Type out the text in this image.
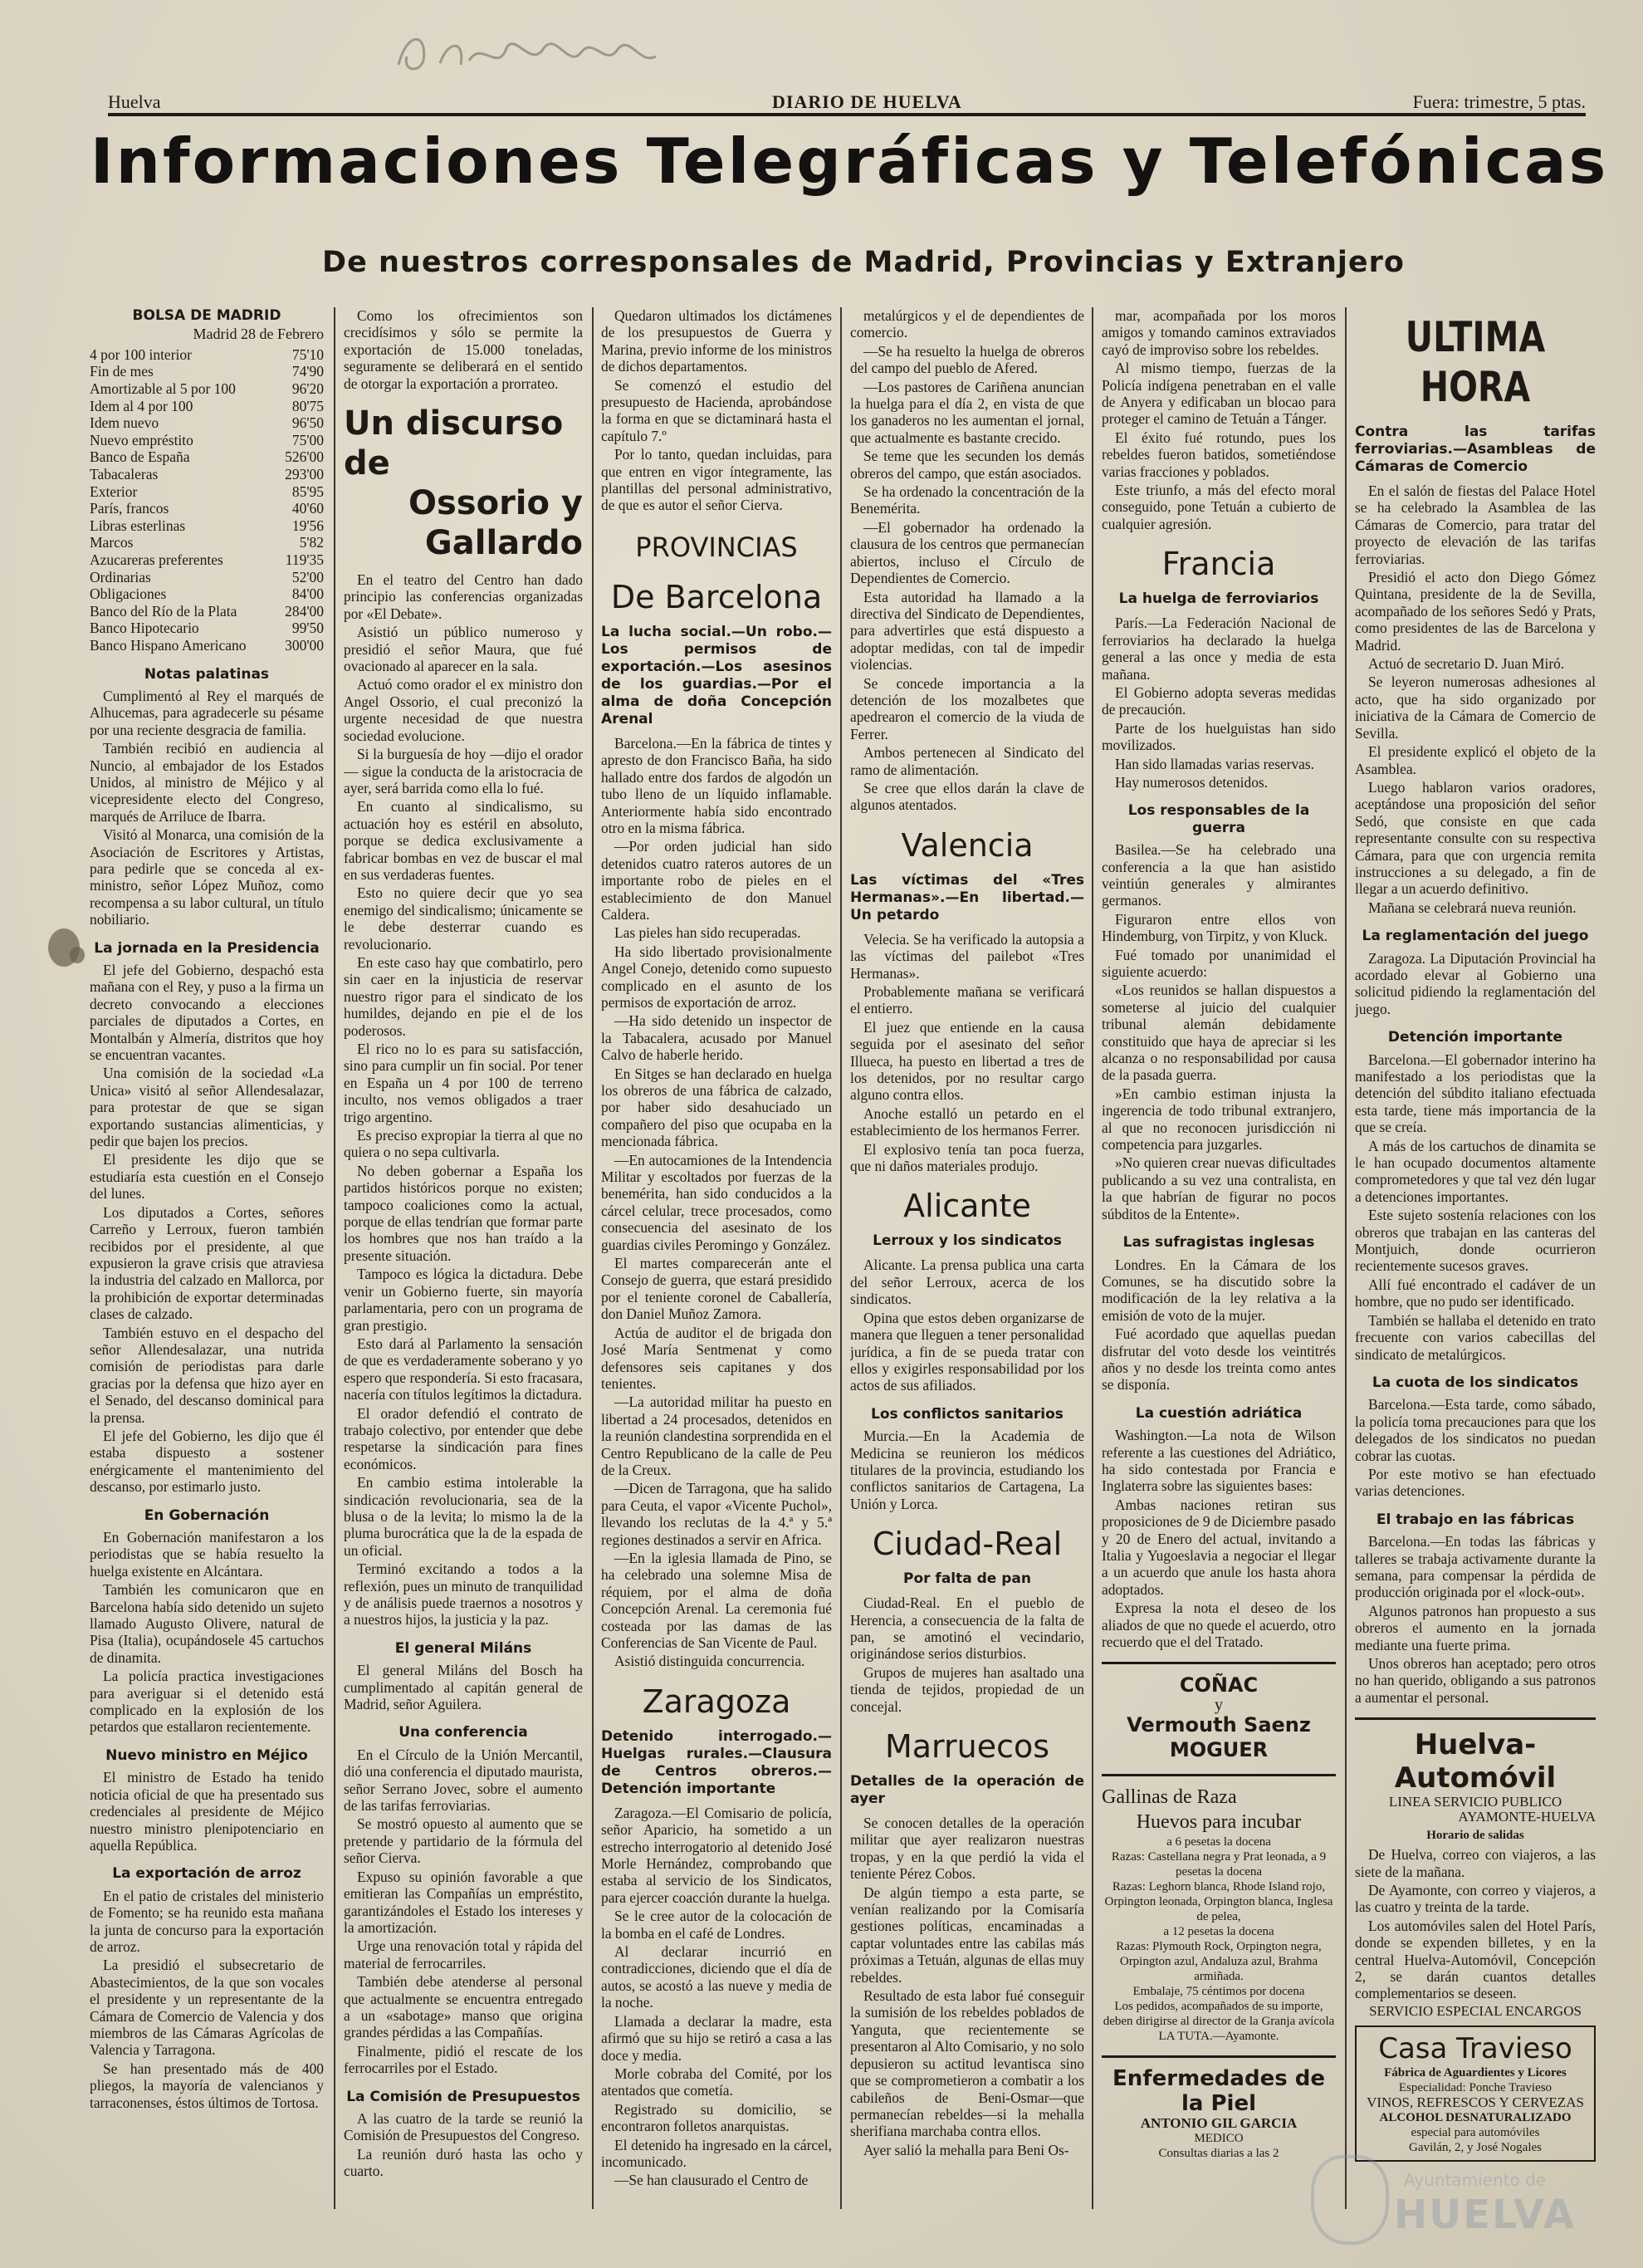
Huelva	DIARIO DE HUELVA	Fuera: trimestre, 5 ptas.
Informaciones Telegráficas y Telefónicas
De nuestros corresponsales de Madrid, Provincias y Extranjero
BOLSA DE MADRID
Madrid 28 de Febrero
4 por 100 interior	75'10
Fin de mes	74'90
Amortizable al 5 por 100	96'20
Idem al 4 por 100	80'75
Idem nuevo	96'50
Nuevo empréstito	75'00
Banco de España	526'00
Tabacaleras	293'00
Exterior	85'95
París, francos	40'60
Libras esterlinas	19'56
Marcos	5'82
Azucareras preferentes	119'35
Ordinarias	52'00
Obligaciones	84'00
Banco del Río de la Plata	284'00
Banco Hipotecario	99'50
Banco Hispano Americano	300'00
Notas palatinas

Cumplimentó al Rey el marqués de Alhucemas, para agradecerle su pésame por una reciente desgracia de familia.

También recibió en audiencia al Nuncio, al embajador de los Estados Unidos, al ministro de Méjico y al vicepresidente electo del Congreso, marqués de Arriluce de Ibarra.

Visitó al Monarca, una comisión de la Asociación de Escritores y Artistas, para pedirle que se conceda al ex-ministro, señor López Muñoz, como recompensa a su labor cultural, un título nobiliario.

La jornada en la Presidencia

El jefe del Gobierno, despachó esta mañana con el Rey, y puso a la firma un decreto convocando a elecciones parciales de diputados a Cortes, en Montalbán y Almería, distritos que hoy se encuentran vacantes.

Una comisión de la sociedad «La Unica» visitó al señor Allendesalazar, para protestar de que se sigan exportando sustancias alimenticias, y pedir que bajen los precios.

El presidente les dijo que se estudiaría esta cuestión en el Consejo del lunes.

Los diputados a Cortes, señores Carreño y Lerroux, fueron también recibidos por el presidente, al que expusieron la grave crisis que atraviesa la industria del calzado en Mallorca, por la prohibición de exportar determinadas clases de calzado.

También estuvo en el despacho del señor Allendesalazar, una nutrida comisión de periodistas para darle gracias por la defensa que hizo ayer en el Senado, del descanso dominical para la prensa.

El jefe del Gobierno, les dijo que él estaba dispuesto a sostener enérgicamente el mantenimiento del descanso, por estimarlo justo.

En Gobernación

En Gobernación manifestaron a los periodistas que se había resuelto la huelga existente en Alcántara.

También les comunicaron que en Barcelona había sido detenido un sujeto llamado Augusto Olivere, natural de Pisa (Italia), ocupándosele 45 cartuchos de dinamita.

La policía practica investigaciones para averiguar si el detenido está complicado en la explosión de los petardos que estallaron recientemente.

Nuevo ministro en Méjico

El ministro de Estado ha tenido noticia oficial de que ha presentado sus credenciales al presidente de Méjico nuestro ministro plenipotenciario en aquella República.

La exportación de arroz

En el patio de cristales del ministerio de Fomento; se ha reunido esta mañana la junta de concurso para la exportación de arroz.

La presidió el subsecretario de Abastecimientos, de la que son vocales el presidente y un representante de la Cámara de Comercio de Valencia y dos miembros de las Cámaras Agrícolas de Valencia y Tarragona.

Se han presentado más de 400 pliegos, la mayoría de valencianos y tarraconenses, éstos últimos de Tortosa.

Como los ofrecimientos son crecidísimos y sólo se permite la exportación de 15.000 toneladas, seguramente se deliberará en el sentido de otorgar la exportación a prorrateo.

Un discurso de
Ossorio y Gallardo

En el teatro del Centro han dado principio las conferencias organizadas por «El Debate».

Asistió un público numeroso y presidió el señor Maura, que fué ovacionado al aparecer en la sala.

Actuó como orador el ex ministro don Angel Ossorio, el cual preconizó la urgente necesidad de que nuestra sociedad evolucione.

Si la burguesía de hoy —dijo el orador— sigue la conducta de la aristocracia de ayer, será barrida como ella lo fué.

En cuanto al sindicalismo, su actuación hoy es estéril en absoluto, porque se dedica exclusivamente a fabricar bombas en vez de buscar el mal en sus verdaderas fuentes.

Esto no quiere decir que yo sea enemigo del sindicalismo; únicamente se le debe desterrar cuando es revolucionario.

En este caso hay que combatirlo, pero sin caer en la injusticia de reservar nuestro rigor para el sindicato de los humildes, dejando en pie el de los poderosos.

El rico no lo es para su satisfacción, sino para cumplir un fin social. Por tener en España un 4 por 100 de terreno inculto, nos vemos obligados a traer trigo argentino.

Es preciso expropiar la tierra al que no quiera o no sepa cultivarla.

No deben gobernar a España los partidos históricos porque no existen; tampoco coaliciones como la actual, porque de ellas tendrían que formar parte los hombres que nos han traído a la presente situación.

Tampoco es lógica la dictadura. Debe venir un Gobierno fuerte, sin mayoría parlamentaria, pero con un programa de gran prestigio.

Esto dará al Parlamento la sensación de que es verdaderamente soberano y yo espero que respondería. Si esto fracasara, nacería con títulos legítimos la dictadura.

El orador defendió el contrato de trabajo colectivo, por entender que debe respetarse la sindicación para fines económicos.

En cambio estima intolerable la sindicación revolucionaria, sea de la blusa o de la levita; lo mismo la de la pluma burocrática que la de la espada de un oficial.

Terminó excitando a todos a la reflexión, pues un minuto de tranquilidad y de análisis puede traernos a nosotros y a nuestros hijos, la justicia y la paz.

El general Miláns

El general Miláns del Bosch ha cumplimentado al capitán general de Madrid, señor Aguilera.

Una conferencia

En el Círculo de la Unión Mercantil, dió una conferencia el diputado maurista, señor Serrano Jovec, sobre el aumento de las tarifas ferroviarias.

Se mostró opuesto al aumento que se pretende y partidario de la fórmula del señor Cierva.

Expuso su opinión favorable a que emitieran las Compañías un empréstito, garantizándoles el Estado los intereses y la amortización.

Urge una renovación total y rápida del material de ferrocarriles.

También debe atenderse al personal que actualmente se encuentra entregado a un «sabotage» manso que origina grandes pérdidas a las Compañías.

Finalmente, pidió el rescate de los ferrocarriles por el Estado.

La Comisión de Presupuestos

A las cuatro de la tarde se reunió la Comisión de Presupuestos del Congreso.

La reunión duró hasta las ocho y cuarto.

Quedaron ultimados los dictámenes de los presupuestos de Guerra y Marina, previo informe de los ministros de dichos departamentos.

Se comenzó el estudio del presupuesto de Hacienda, aprobándose la forma en que se dictaminará hasta el capítulo 7.º

Por lo tanto, quedan incluidas, para que entren en vigor íntegramente, las plantillas del personal administrativo, de que es autor el señor Cierva.

PROVINCIAS
De Barcelona
La lucha social.—Un robo.—Los permisos de exportación.—Los asesinos de los guardias.—Por el alma de doña Concepción Arenal

Barcelona.—En la fábrica de tintes y apresto de don Francisco Baña, ha sido hallado entre dos fardos de algodón un tubo lleno de un líquido inflamable. Anteriormente había sido encontrado otro en la misma fábrica.

—Por orden judicial han sido detenidos cuatro rateros autores de un importante robo de pieles en el establecimiento de don Manuel Caldera.

Las pieles han sido recuperadas.

Ha sido libertado provisionalmente Angel Conejo, detenido como supuesto complicado en el asunto de los permisos de exportación de arroz.

—Ha sido detenido un inspector de la Tabacalera, acusado por Manuel Calvo de haberle herido.

En Sitges se han declarado en huelga los obreros de una fábrica de calzado, por haber sido desahuciado un compañero del piso que ocupaba en la mencionada fábrica.

—En autocamiones de la Intendencia Militar y escoltados por fuerzas de la benemérita, han sido conducidos a la cárcel celular, trece procesados, como consecuencia del asesinato de los guardias civiles Peromingo y González.

El martes comparecerán ante el Consejo de guerra, que estará presidido por el teniente coronel de Caballería, don Daniel Muñoz Zamora.

Actúa de auditor el de brigada don José María Sentmenat y como defensores seis capitanes y dos tenientes.

—La autoridad militar ha puesto en libertad a 24 procesados, detenidos en la reunión clandestina sorprendida en el Centro Republicano de la calle de Peu de la Creux.

—Dicen de Tarragona, que ha salido para Ceuta, el vapor «Vicente Puchol», llevando los reclutas de la 4.ª y 5.ª regiones destinados a servir en Africa.

—En la iglesia llamada de Pino, se ha celebrado una solemne Misa de réquiem, por el alma de doña Concepción Arenal. La ceremonia fué costeada por las damas de las Conferencias de San Vicente de Paul.

Asistió distinguida concurrencia.

Zaragoza
Detenido interrogado.—Huelgas rurales.—Clausura de Centros obreros.—Detención importante

Zaragoza.—El Comisario de policía, señor Aparicio, ha sometido a un estrecho interrogatorio al detenido José Morle Hernández, comprobando que estaba al servicio de los Sindicatos, para ejercer coacción durante la huelga.

Se le cree autor de la colocación de la bomba en el café de Londres.

Al declarar incurrió en contradicciones, diciendo que el día de autos, se acostó a las nueve y media de la noche.

Llamada a declarar la madre, esta afirmó que su hijo se retiró a casa a las doce y media.

Morle cobraba del Comité, por los atentados que cometía.

Registrado su domicilio, se encontraron folletos anarquistas.

El detenido ha ingresado en la cárcel, incomunicado.

—Se han clausurado el Centro de

metalúrgicos y el de dependientes de comercio.

—Se ha resuelto la huelga de obreros del campo del pueblo de Afered.

—Los pastores de Cariñena anuncian la huelga para el día 2, en vista de que los ganaderos no les aumentan el jornal, que actualmente es bastante crecido.

Se teme que les secunden los demás obreros del campo, que están asociados.

Se ha ordenado la concentración de la Benemérita.

—El gobernador ha ordenado la clausura de los centros que permanecían abiertos, incluso el Círculo de Dependientes de Comercio.

Esta autoridad ha llamado a la directiva del Sindicato de Dependientes, para advertirles que está dispuesto a adoptar medidas, con tal de impedir violencias.

Se concede importancia a la detención de los mozalbetes que apedrearon el comercio de la viuda de Ferrer.

Ambos pertenecen al Sindicato del ramo de alimentación.

Se cree que ellos darán la clave de algunos atentados.

Valencia
Las víctimas del «Tres Hermanas».—En libertad.—Un petardo

Velecia. Se ha verificado la autopsia a las víctimas del pailebot «Tres Hermanas».

Probablemente mañana se verificará el entierro.

El juez que entiende en la causa seguida por el asesinato del señor Illueca, ha puesto en libertad a tres de los detenidos, por no resultar cargo alguno contra ellos.

Anoche estalló un petardo en el establecimiento de los hermanos Ferrer.

El explosivo tenía tan poca fuerza, que ni daños materiales produjo.

Alicante
Lerroux y los sindicatos

Alicante. La prensa publica una carta del señor Lerroux, acerca de los sindicatos.

Opina que estos deben organizarse de manera que lleguen a tener personalidad jurídica, a fin de se pueda tratar con ellos y exigirles responsabilidad por los actos de sus afiliados.

Los conflictos sanitarios

Murcia.—En la Academia de Medicina se reunieron los médicos titulares de la provincia, estudiando los conflictos sanitarios de Cartagena, La Unión y Lorca.

Ciudad-Real
Por falta de pan

Ciudad-Real. En el pueblo de Herencia, a consecuencia de la falta de pan, se amotinó el vecindario, originándose serios disturbios.

Grupos de mujeres han asaltado una tienda de tejidos, propiedad de un concejal.

Marruecos
Detalles de la operación de ayer

Se conocen detalles de la operación militar que ayer realizaron nuestras tropas, y en la que perdió la vida el teniente Pérez Cobos.

De algún tiempo a esta parte, se venían realizando por la Comisaría gestiones políticas, encaminadas a captar voluntades entre las cabilas más próximas a Tetuán, algunas de ellas muy rebeldes.

Resultado de esta labor fué conseguir la sumisión de los rebeldes poblados de Yanguta, que recientemente se presentaron al Alto Comisario, y no solo depusieron su actitud levantisca sino que se comprometieron a combatir a los cabileños de Beni-Osmar—que permanecían rebeldes—si la mehalla sherifiana marchaba contra ellos.

Ayer salió la mehalla para Beni Os-

mar, acompañada por los moros amigos y tomando caminos extraviados cayó de improviso sobre los rebeldes.

Al mismo tiempo, fuerzas de la Policía indígena penetraban en el valle de Anyera y edificaban un blocao para proteger el camino de Tetuán a Tánger.

El éxito fué rotundo, pues los rebeldes fueron batidos, sometiéndose varias fracciones y poblados.

Este triunfo, a más del efecto moral conseguido, pone Tetuán a cubierto de cualquier agresión.

Francia
La huelga de ferroviarios

París.—La Federación Nacional de ferroviarios ha declarado la huelga general a las once y media de esta mañana.

El Gobierno adopta severas medidas de precaución.

Parte de los huelguistas han sido movilizados.

Han sido llamadas varias reservas.

Hay numerosos detenidos.

Los responsables de la guerra

Basilea.—Se ha celebrado una conferencia a la que han asistido veintiún generales y almirantes germanos.

Figuraron entre ellos von Hindemburg, von Tirpitz, y von Kluck.

Fué tomado por unanimidad el siguiente acuerdo:

«Los reunidos se hallan dispuestos a someterse al juicio del cualquier tribunal alemán debidamente constituido que haya de apreciar si les alcanza o no responsabilidad por causa de la pasada guerra.

»En cambio estiman injusta la ingerencia de todo tribunal extranjero, al que no reconocen jurisdicción ni competencia para juzgarles.

»No quieren crear nuevas dificultades publicando a su vez una contralista, en la que habrían de figurar no pocos súbditos de la Entente».

Las sufragistas inglesas

Londres. En la Cámara de los Comunes, se ha discutido sobre la modificación de la ley relativa a la emisión de voto de la mujer.

Fué acordado que aquellas puedan disfrutar del voto desde los veintitrés años y no desde los treinta como antes se disponía.

La cuestión adriática

Washington.—La nota de Wilson referente a las cuestiones del Adriático, ha sido contestada por Francia e Inglaterra sobre las siguientes bases:

Ambas naciones retiran sus proposiciones de 9 de Diciembre pasado y 20 de Enero del actual, invitando a Italia y Yugoeslavia a negociar el llegar a un acuerdo que anule los hasta ahora adoptados.

Expresa la nota el deseo de los aliados de que no quede el acuerdo, otro recuerdo que el del Tratado.

COÑAC
y
Vermouth Saenz
MOGUER
Gallinas de Raza
Huevos para incubar
a 6 pesetas la docena
Razas: Castellana negra y Prat leonada, a 9 pesetas la docena
Razas: Leghorn blanca, Rhode Island rojo, Orpington leonada, Orpington blanca, Inglesa de pelea,
a 12 pesetas la docena
Razas: Plymouth Rock, Orpington negra, Orpington azul, Andaluza azul, Brahma armiñada.
Embalaje, 75 céntimos por docena
Los pedidos, acompañados de su importe, deben dirigirse al director de la Granja avícola LA TUTA.—Ayamonte.
Enfermedades de la Piel
ANTONIO GIL GARCIA
MEDICO
Consultas diarias a las 2
ULTIMA HORA
Contra las tarifas ferroviarias.—Asambleas de Cámaras de Comercio

En el salón de fiestas del Palace Hotel se ha celebrado la Asamblea de las Cámaras de Comercio, para tratar del proyecto de elevación de las tarifas ferroviarias.

Presidió el acto don Diego Gómez Quintana, presidente de la de Sevilla, acompañado de los señores Sedó y Prats, como presidentes de las de Barcelona y Madrid.

Actuó de secretario D. Juan Miró.

Se leyeron numerosas adhesiones al acto, que ha sido organizado por iniciativa de la Cámara de Comercio de Sevilla.

El presidente explicó el objeto de la Asamblea.

Luego hablaron varios oradores, aceptándose una proposición del señor Sedó, que consiste en que cada representante consulte con su respectiva Cámara, para que con urgencia remita instrucciones a su delegado, a fin de llegar a un acuerdo definitivo.

Mañana se celebrará nueva reunión.

La reglamentación del juego

Zaragoza. La Diputación Provincial ha acordado elevar al Gobierno una solicitud pidiendo la reglamentación del juego.

Detención importante

Barcelona.—El gobernador interino ha manifestado a los periodistas que la detención del súbdito italiano efectuada esta tarde, tiene más importancia de la que se creía.

A más de los cartuchos de dinamita se le han ocupado documentos altamente comprometedores y que tal vez dén lugar a detenciones importantes.

Este sujeto sostenía relaciones con los obreros que trabajan en las canteras del Montjuich, donde ocurrieron recientemente sucesos graves.

Allí fué encontrado el cadáver de un hombre, que no pudo ser identificado.

También se hallaba el detenido en trato frecuente con varios cabecillas del sindicato de metalúrgicos.

La cuota de los sindicatos

Barcelona.—Esta tarde, como sábado, la policía toma precauciones para que los delegados de los sindicatos no puedan cobrar las cuotas.

Por este motivo se han efectuado varias detenciones.

El trabajo en las fábricas

Barcelona.—En todas las fábricas y talleres se trabaja activamente durante la semana, para compensar la pérdida de producción originada por el «lock-out».

Algunos patronos han propuesto a sus obreros el aumento en la jornada mediante una fuerte prima.

Unos obreros han aceptado; pero otros no han querido, obligando a sus patronos a aumentar el personal.

Huelva-Automóvil
LINEA SERVICIO PUBLICO
AYAMONTE-HUELVA
Horario de salidas

De Huelva, correo con viajeros, a las siete de la mañana.

De Ayamonte, con correo y viajeros, a las cuatro y treinta de la tarde.

Los automóviles salen del Hotel París, donde se expenden billetes, y en la central Huelva-Automóvil, Concepción 2, se darán cuantos detalles complementarios se deseen.

SERVICIO ESPECIAL ENCARGOS
Casa Travieso
Fábrica de Aguardientes y Licores
Especialidad: Ponche Travieso
VINOS, REFRESCOS Y CERVEZAS
ALCOHOL DESNATURALIZADO
especial para automóviles
Gavilán, 2, y José Nogales
Ayuntamiento de
HUELVA
